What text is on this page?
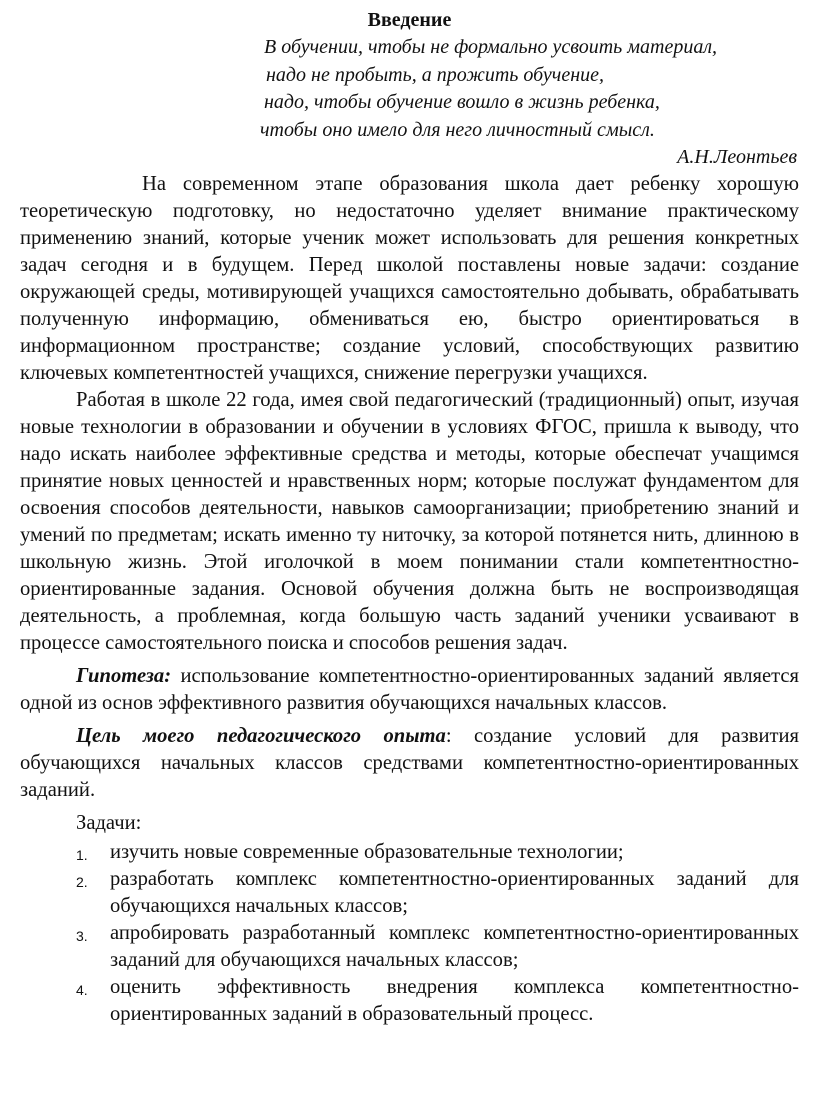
Введение
В обучении, чтобы не формально усвоить материал,
надо не пробыть, а прожить обучение,
надо, чтобы обучение вошло в жизнь ребенка,
чтобы оно имело для него личностный смысл.
А.Н.Леонтьев

На современном этапе образования школа дает ребенку хорошую теоретическую подготовку, но недостаточно уделяет внимание практическому применению знаний, которые ученик может использовать для решения конкретных задач сегодня и в будущем. Перед школой поставлены новые задачи: создание окружающей среды, мотивирующей учащихся самостоятельно добывать, обрабатывать полученную информацию, обмениваться ею, быстро ориентироваться в информационном пространстве; создание условий, способствующих развитию ключевых компетентностей учащихся, снижение перегрузки учащихся.

Работая в школе 22 года, имея свой педагогический (традиционный) опыт, изучая новые технологии в образовании и обучении в условиях ФГОС, пришла к выводу, что надо искать наиболее эффективные средства и методы, которые обеспечат учащимся принятие новых ценностей и нравственных норм; которые послужат фундаментом для освоения способов деятельности, навыков самоорганизации; приобретению знаний и умений по предметам; искать именно ту ниточку, за которой потянется нить, длинною в школьную жизнь. Этой иголочкой в моем понимании стали компетентностно-ориентированные задания. Основой обучения должна быть не воспроизводящая деятельность, а проблемная, когда большую часть заданий ученики усваивают в процессе самостоятельного поиска и способов решения задач.

Гипотеза: использование компетентностно-ориентированных заданий является одной из основ эффективного развития обучающихся начальных классов.

Цель моего педагогического опыта: создание условий для развития обучающихся начальных классов средствами компетентностно-ориентированных заданий.

Задачи:
1. изучить новые современные образовательные технологии;
2. разработать комплекс компетентностно-ориентированных заданий для обучающихся начальных классов;
3. апробировать разработанный комплекс компетентностно-ориентированных заданий для обучающихся начальных классов;
4. оценить эффективность внедрения комплекса компетентностно-ориентированных заданий в образовательный процесс.
